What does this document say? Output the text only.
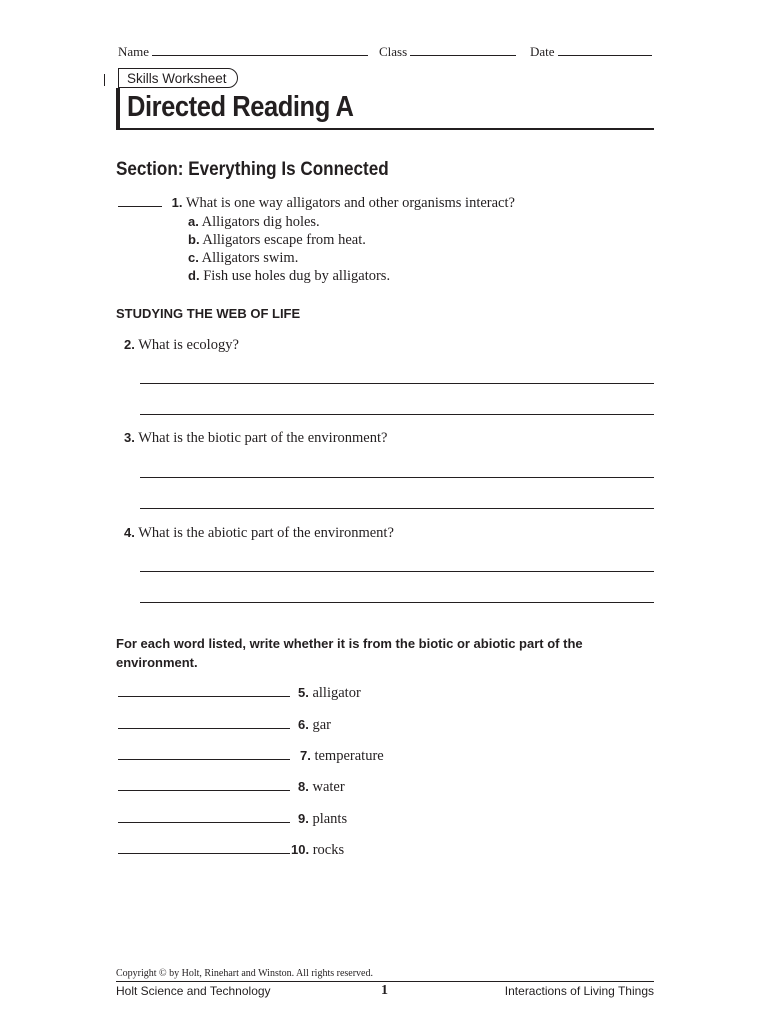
Name	Class	Date
Skills Worksheet
Directed Reading A
Section: Everything Is Connected
1. What is one way alligators and other organisms interact?
a. Alligators dig holes.
b. Alligators escape from heat.
c. Alligators swim.
d. Fish use holes dug by alligators.
STUDYING THE WEB OF LIFE
2. What is ecology?
3. What is the biotic part of the environment?
4. What is the abiotic part of the environment?
For each word listed, write whether it is from the biotic or abiotic part of the environment.
5. alligator
6. gar
7. temperature
8. water
9. plants
10. rocks
Copyright © by Holt, Rinehart and Winston. All rights reserved.
Holt Science and Technology	1	Interactions of Living Things
